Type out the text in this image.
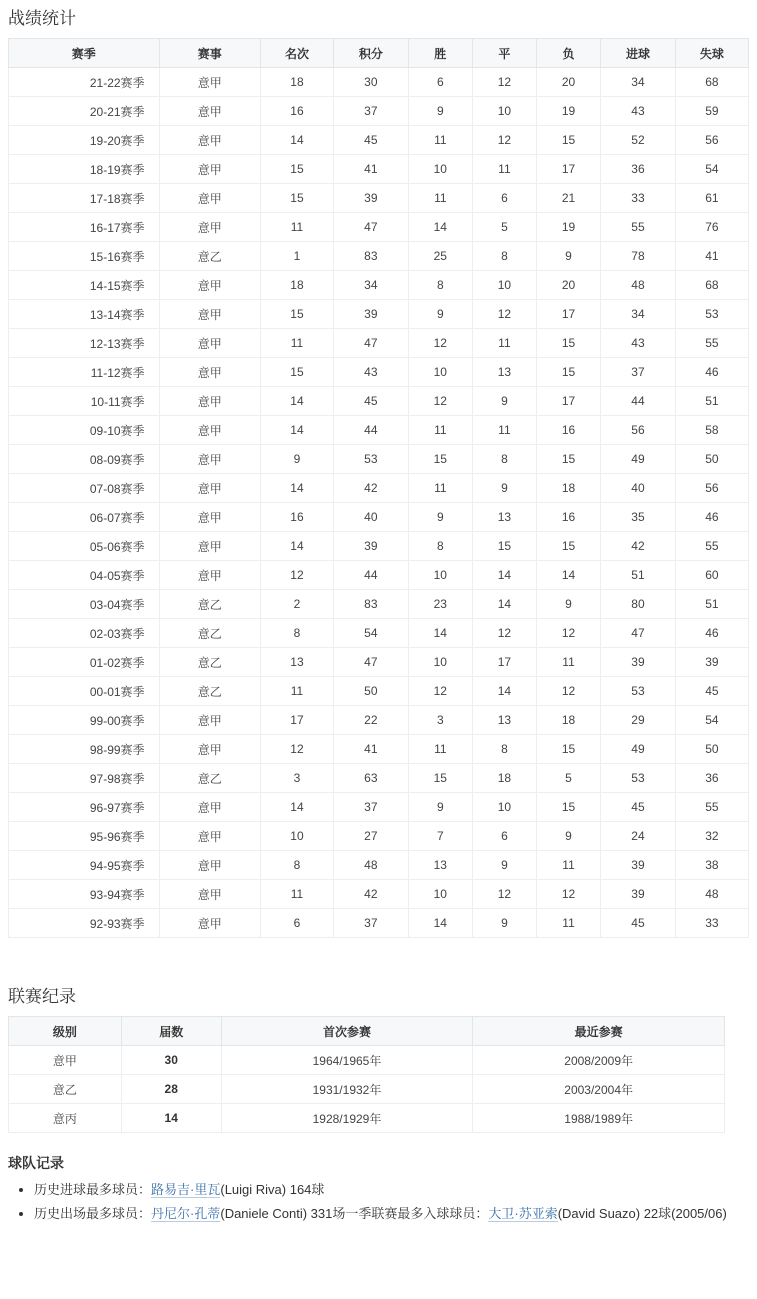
战绩统计
赛季	赛事	名次	积分	胜	平	负	进球	失球
21-22赛季	意甲	18	30	6	12	20	34	68
20-21赛季	意甲	16	37	9	10	19	43	59
19-20赛季	意甲	14	45	11	12	15	52	56
18-19赛季	意甲	15	41	10	11	17	36	54
17-18赛季	意甲	15	39	11	6	21	33	61
16-17赛季	意甲	11	47	14	5	19	55	76
15-16赛季	意乙	1	83	25	8	9	78	41
14-15赛季	意甲	18	34	8	10	20	48	68
13-14赛季	意甲	15	39	9	12	17	34	53
12-13赛季	意甲	11	47	12	11	15	43	55
11-12赛季	意甲	15	43	10	13	15	37	46
10-11赛季	意甲	14	45	12	9	17	44	51
09-10赛季	意甲	14	44	11	11	16	56	58
08-09赛季	意甲	9	53	15	8	15	49	50
07-08赛季	意甲	14	42	11	9	18	40	56
06-07赛季	意甲	16	40	9	13	16	35	46
05-06赛季	意甲	14	39	8	15	15	42	55
04-05赛季	意甲	12	44	10	14	14	51	60
03-04赛季	意乙	2	83	23	14	9	80	51
02-03赛季	意乙	8	54	14	12	12	47	46
01-02赛季	意乙	13	47	10	17	11	39	39
00-01赛季	意乙	11	50	12	14	12	53	45
99-00赛季	意甲	17	22	3	13	18	29	54
98-99赛季	意甲	12	41	11	8	15	49	50
97-98赛季	意乙	3	63	15	18	5	53	36
96-97赛季	意甲	14	37	9	10	15	45	55
95-96赛季	意甲	10	27	7	6	9	24	32
94-95赛季	意甲	8	48	13	9	11	39	38
93-94赛季	意甲	11	42	10	12	12	39	48
92-93赛季	意甲	6	37	14	9	11	45	33
联赛纪录
级别	届数	首次参赛	最近参赛
意甲	30	1964/1965年	2008/2009年
意乙	28	1931/1932年	2003/2004年
意丙	14	1928/1929年	1988/1989年
球队记录
• 历史进球最多球员：路易吉·里瓦(Luigi Riva) 164球
• 历史出场最多球员：丹尼尔·孔蒂(Daniele Conti) 331场一季联赛最多入球球员：大卫·苏亚索(David Suazo) 22球(2005/06)
